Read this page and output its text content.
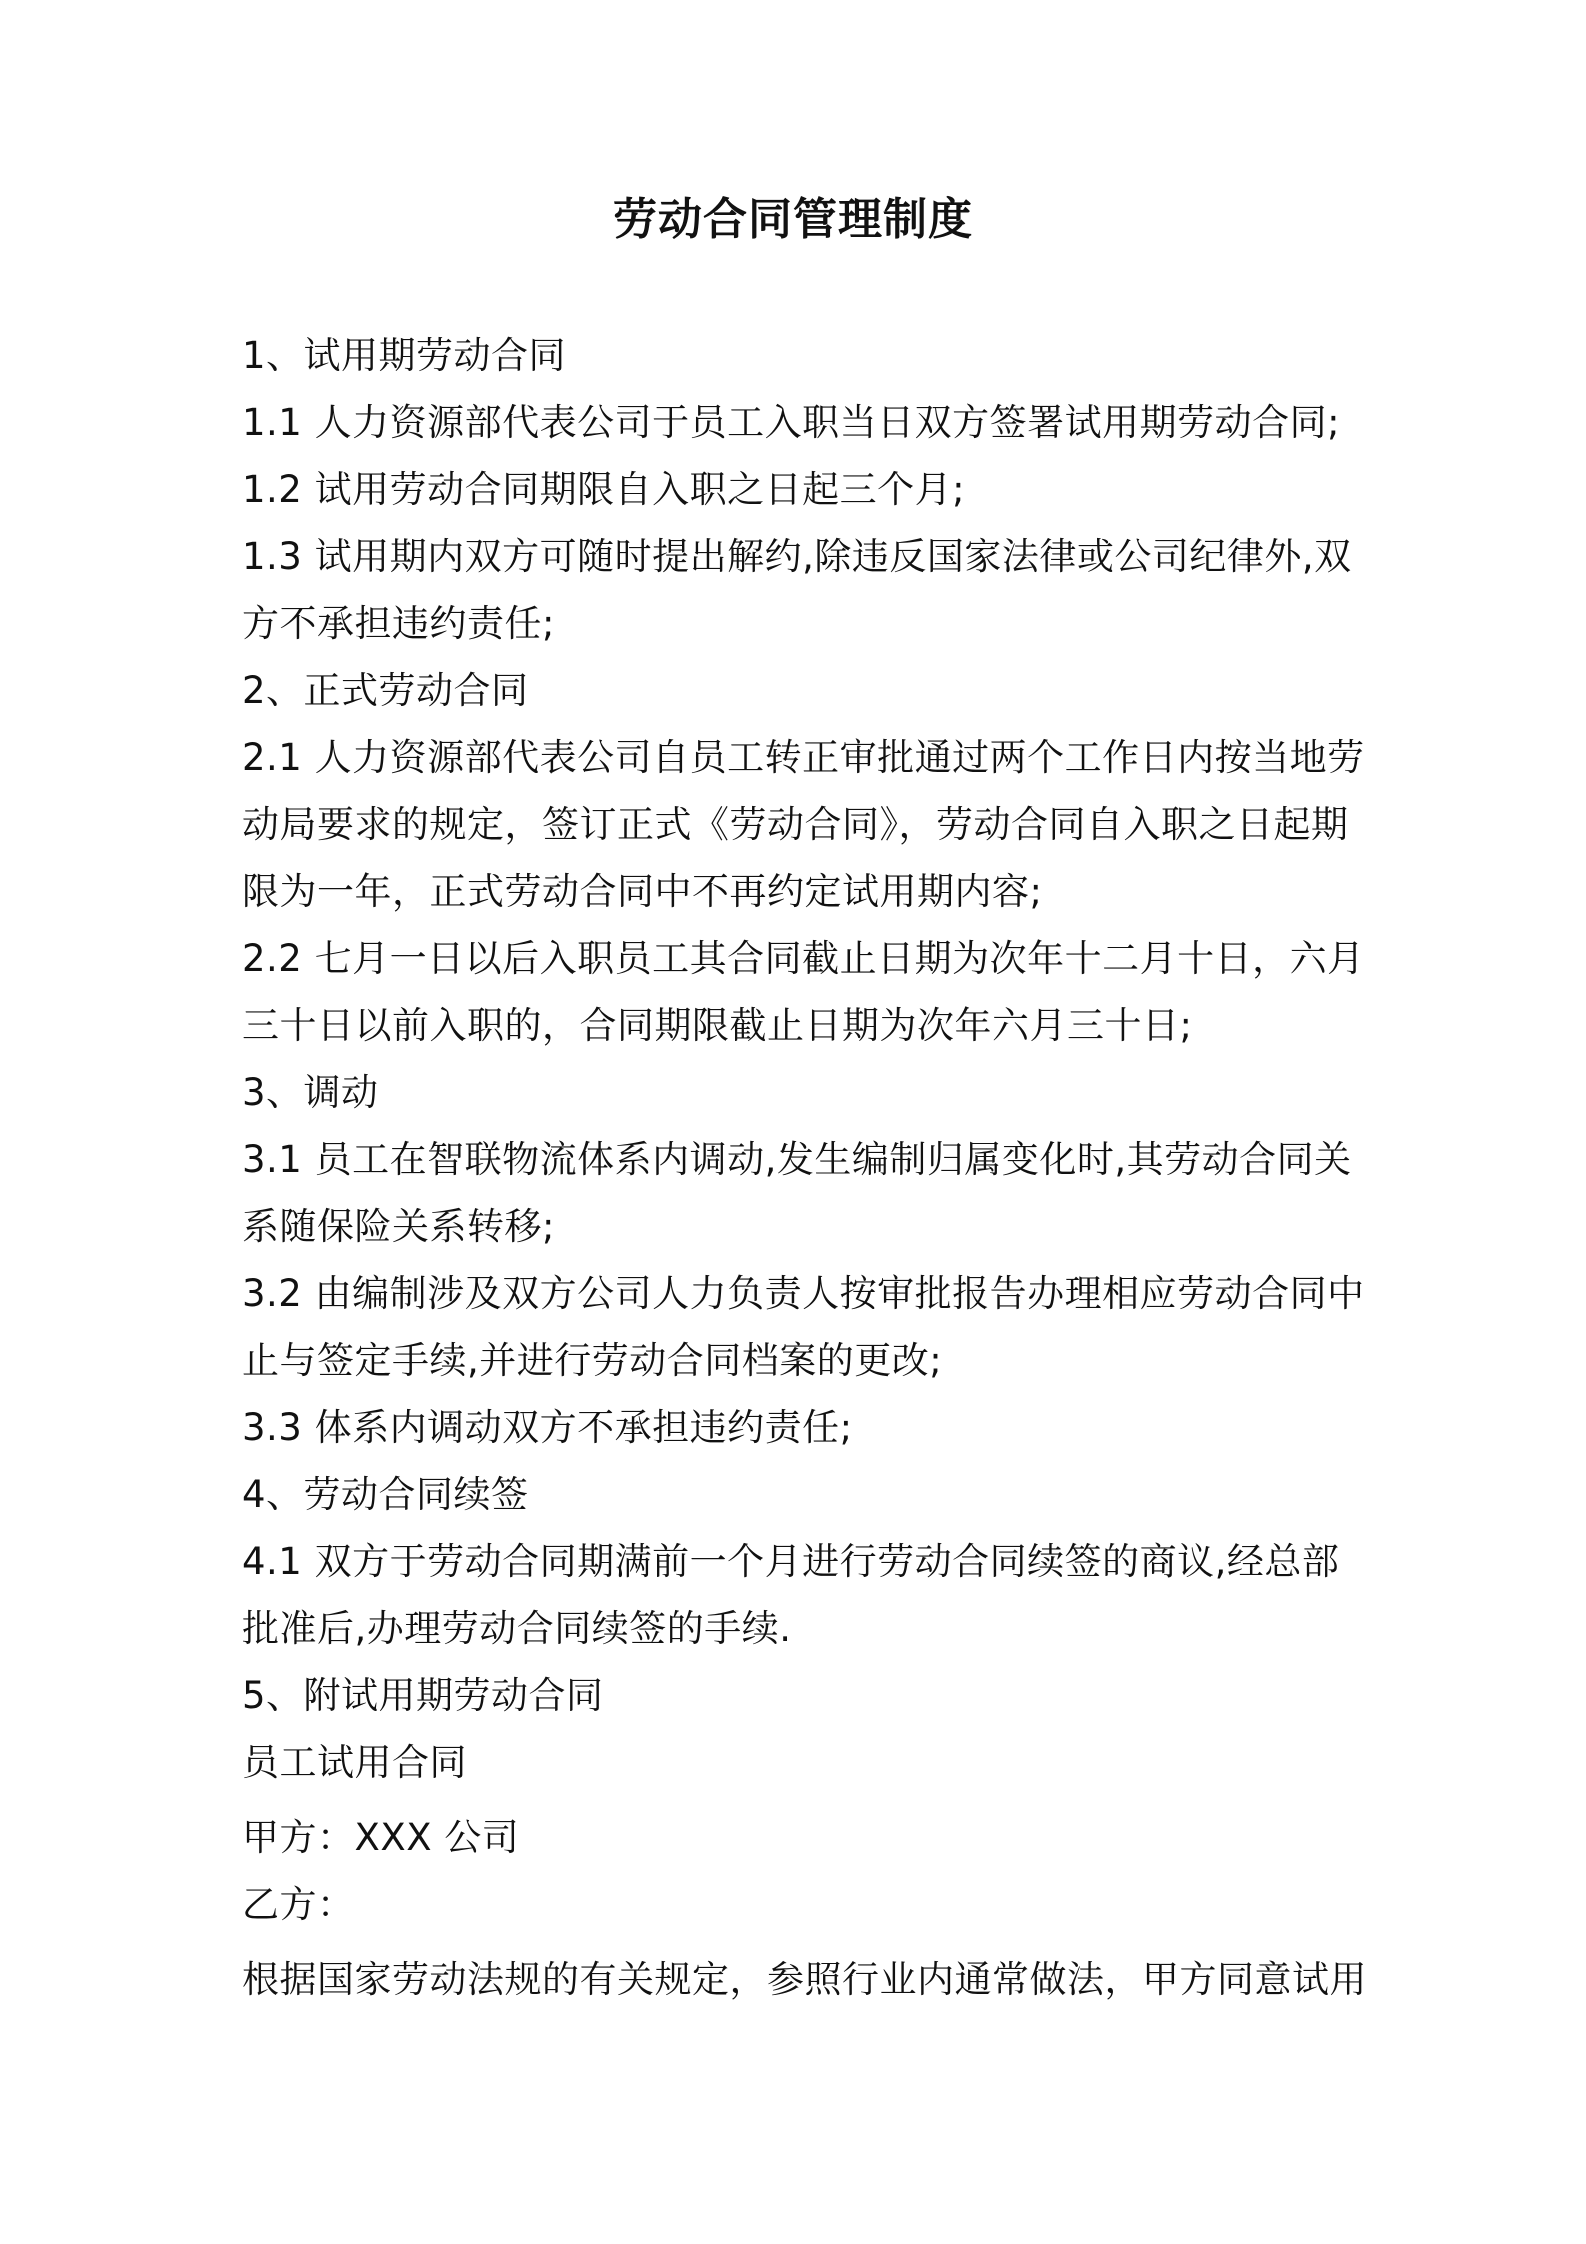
劳动合同管理制度

1、试用期劳动合同

1.1 人力资源部代表公司于员工入职当日双方签署试用期劳动合同;

1.2 试用劳动合同期限自入职之日起三个月;

1.3 试用期内双方可随时提出解约,除违反国家法律或公司纪律外,双

方不承担违约责任;

2、正式劳动合同

2.1 人力资源部代表公司自员工转正审批通过两个工作日内按当地劳

动局要求的规定，签订正式《劳动合同》，劳动合同自入职之日起期

限为一年，正式劳动合同中不再约定试用期内容;

2.2 七月一日以后入职员工其合同截止日期为次年十二月十日，六月

三十日以前入职的，合同期限截止日期为次年六月三十日;

3、调动

3.1 员工在智联物流体系内调动,发生编制归属变化时,其劳动合同关

系随保险关系转移;

3.2 由编制涉及双方公司人力负责人按审批报告办理相应劳动合同中

止与签定手续,并进行劳动合同档案的更改;

3.3 体系内调动双方不承担违约责任;

4、劳动合同续签

4.1 双方于劳动合同期满前一个月进行劳动合同续签的商议,经总部

批准后,办理劳动合同续签的手续.

5、附试用期劳动合同

员工试用合同

甲方：XXX 公司

乙方：

根据国家劳动法规的有关规定，参照行业内通常做法，甲方同意试用
